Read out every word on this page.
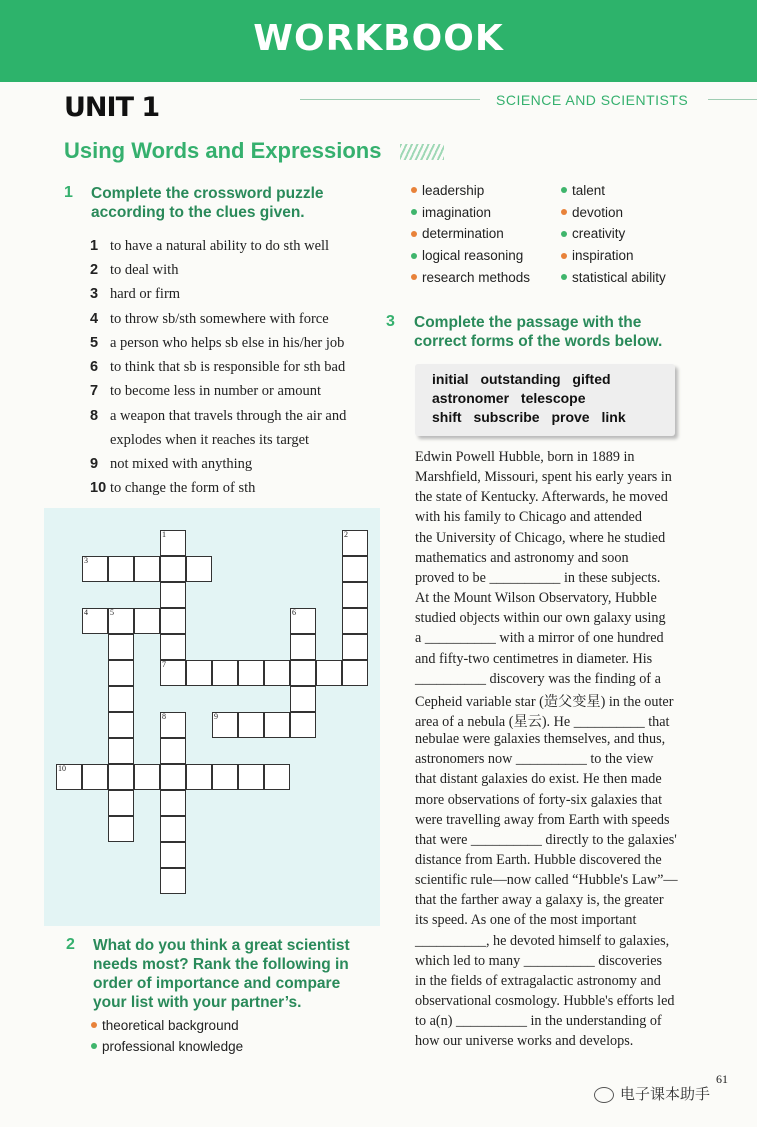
WORKBOOK
UNIT 1	SCIENCE AND SCIENTISTS
Using Words and Expressions
1 Complete the crossword puzzle
according to the clues given.
1 to have a natural ability to do sth well
2 to deal with
3 hard or firm
4 to throw sb/sth somewhere with force
5 a person who helps sb else in his/her job
6 to think that sb is responsible for sth bad
7 to become less in number or amount
8 a weapon that travels through the air and
9 not mixed with anything
10 to change the form of sth
explodes when it reaches its target
1
7
2
3
4	5	6
8	9
10
2 What do you think a great scientist
needs most? Rank the following in
order of importance and compare
your list with your partner’s.
theoretical background
professional knowledge
leadership
imagination
determination
logical reasoning
research methods
talent
devotion
creativity
inspiration
statistical ability
3 Complete the passage with the
correct forms of the words below.
initial outstanding gifted
astronomer telescope
shift subscribe prove link
Edwin Powell Hubble, born in 1889 in
Marshfield, Missouri, spent his early years in
the state of Kentucky. Afterwards, he moved
with his family to Chicago and attended
the University of Chicago, where he studied
mathematics and astronomy and soon
proved to be __________ in these subjects.
At the Mount Wilson Observatory, Hubble
studied objects within our own galaxy using
a __________ with a mirror of one hundred
and fifty-two centimetres in diameter. His
__________ discovery was the finding of a
Cepheid variable star (造父变星) in the outer
area of a nebula (星云). He __________ that
nebulae were galaxies themselves, and thus,
astronomers now __________ to the view
that distant galaxies do exist. He then made
more observations of forty-six galaxies that
were travelling away from Earth with speeds
that were __________ directly to the galaxies'
distance from Earth. Hubble discovered the
scientific rule—now called “Hubble's Law”—
that the farther away a galaxy is, the greater
its speed. As one of the most important
__________, he devoted himself to galaxies,
which led to many __________ discoveries
in the fields of extragalactic astronomy and
observational cosmology. Hubble's efforts led
to a(n) __________ in the understanding of
how our universe works and develops.
61
电子课本助手
